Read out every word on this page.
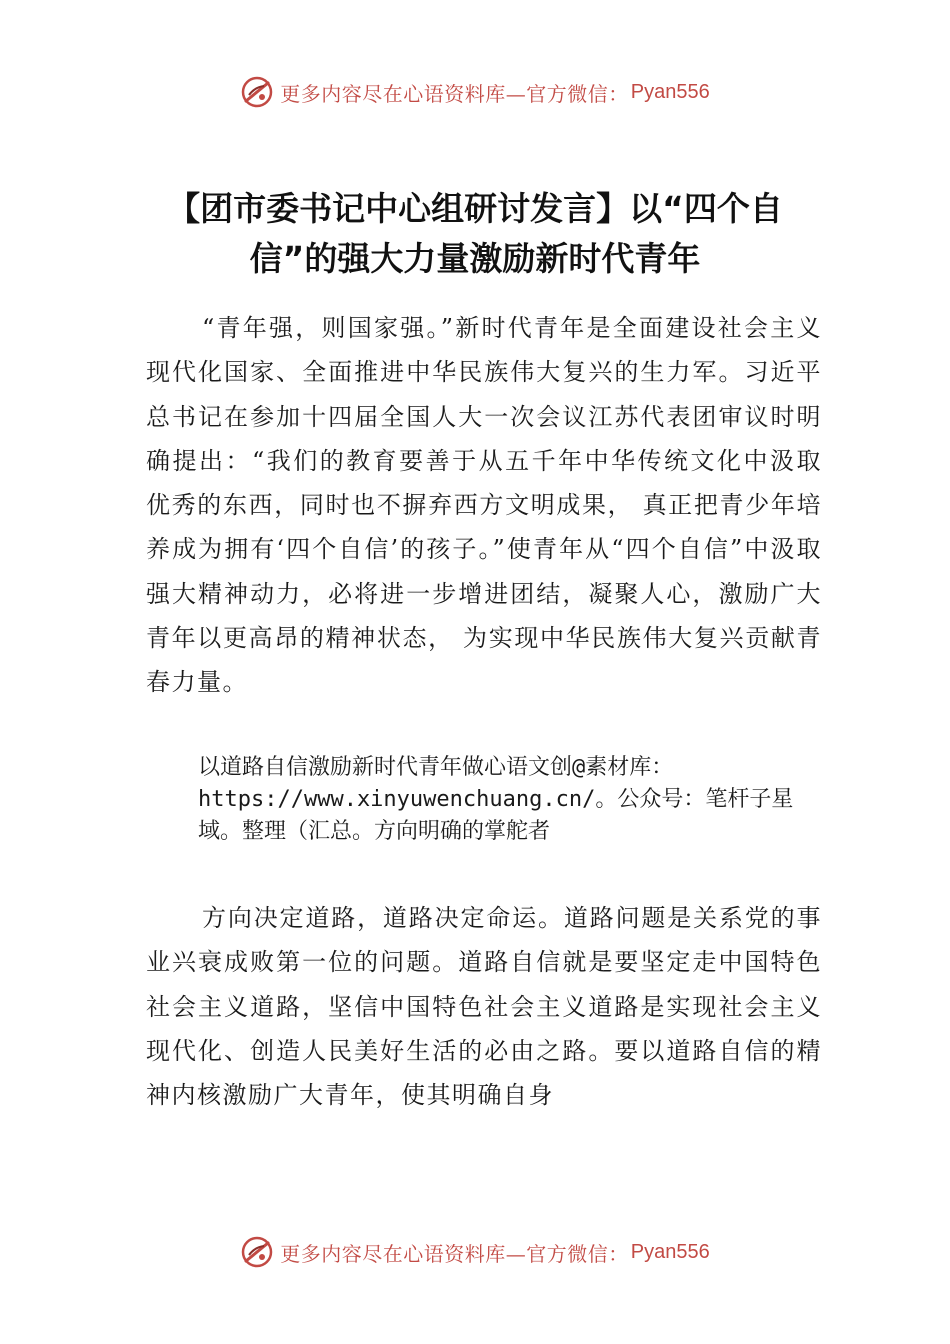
更多内容尽在心语资料库—官方微信： Pyan556
【团市委书记中心组研讨发言】以“四个自信”的强大力量激励新时代青年

“青年强，则国家强。”新时代青年是全面建设社会主义现代化国家、全面推进中华民族伟大复兴的生力军。习近平总书记在参加十四届全国人大一次会议江苏代表团审议时明确提出：“我们的教育要善于从五千年中华传统文化中汲取优秀的东西，同时也不摒弃西方文明成果， 真正把青少年培养成为拥有‘四个自信’的孩子。”使青年从“四个自信”中汲取强大精神动力，必将进一步增进团结，凝聚人心，激励广大青年以更高昂的精神状态， 为实现中华民族伟大复兴贡献青春力量。

以道路自信激励新时代青年做心语文创@素材库：https://www.xinyuwenchuang.cn/。公众号：笔杆子星域。整理（汇总。方向明确的掌舵者

方向决定道路，道路决定命运。道路问题是关系党的事业兴衰成败第一位的问题。道路自信就是要坚定走中国特色社会主义道路，坚信中国特色社会主义道路是实现社会主义现代化、创造人民美好生活的必由之路。要以道路自信的精神内核激励广大青年，使其明确自身

更多内容尽在心语资料库—官方微信： Pyan556
